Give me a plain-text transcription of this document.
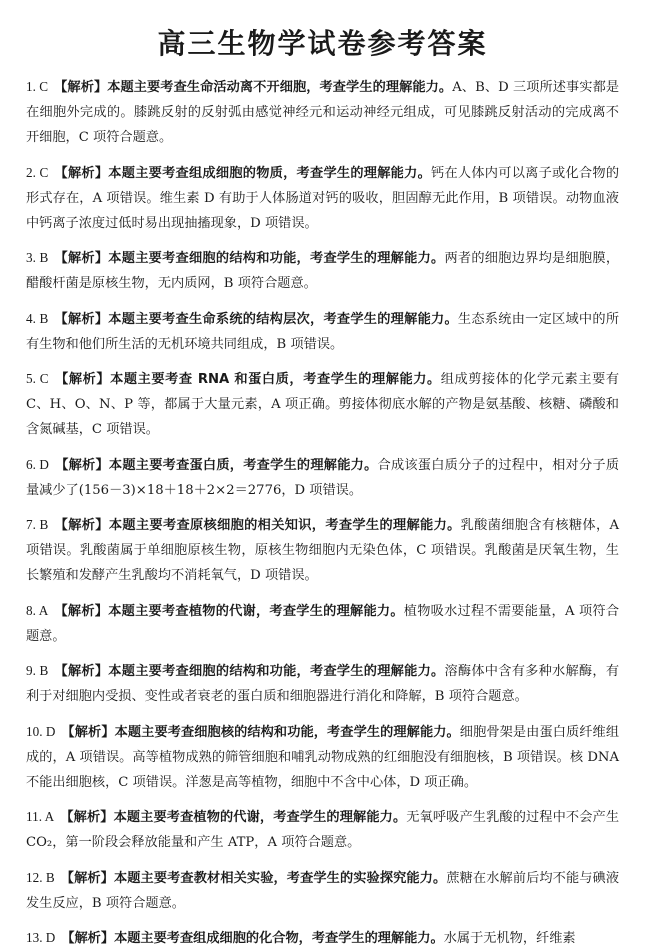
高三生物学试卷参考答案

1. C 【解析】本题主要考查生命活动离不开细胞，考查学生的理解能力。A、B、D 三项所述事实都是在细胞外完成的。膝跳反射的反射弧由感觉神经元和运动神经元组成，可见膝跳反射活动的完成离不开细胞，C 项符合题意。

2. C 【解析】本题主要考查组成细胞的物质，考查学生的理解能力。钙在人体内可以离子或化合物的形式存在，A 项错误。维生素 D 有助于人体肠道对钙的吸收，胆固醇无此作用，B 项错误。动物血液中钙离子浓度过低时易出现抽搐现象，D 项错误。

3. B 【解析】本题主要考查细胞的结构和功能，考查学生的理解能力。两者的细胞边界均是细胞膜，醋酸杆菌是原核生物，无内质网，B 项符合题意。

4. B 【解析】本题主要考查生命系统的结构层次，考查学生的理解能力。生态系统由一定区域中的所有生物和他们所生活的无机环境共同组成，B 项错误。

5. C 【解析】本题主要考查 RNA 和蛋白质，考查学生的理解能力。组成剪接体的化学元素主要有 C、H、O、N、P 等，都属于大量元素，A 项正确。剪接体彻底水解的产物是氨基酸、核糖、磷酸和含氮碱基，C 项错误。

6. D 【解析】本题主要考查蛋白质，考查学生的理解能力。合成该蛋白质分子的过程中，相对分子质量减少了(156－3)×18＋18＋2×2＝2776，D 项错误。

7. B 【解析】本题主要考查原核细胞的相关知识，考查学生的理解能力。乳酸菌细胞含有核糖体，A 项错误。乳酸菌属于单细胞原核生物，原核生物细胞内无染色体，C 项错误。乳酸菌是厌氧生物，生长繁殖和发酵产生乳酸均不消耗氧气，D 项错误。

8. A 【解析】本题主要考查植物的代谢，考查学生的理解能力。植物吸水过程不需要能量，A 项符合题意。

9. B 【解析】本题主要考查细胞的结构和功能，考查学生的理解能力。溶酶体中含有多种水解酶，有利于对细胞内受损、变性或者衰老的蛋白质和细胞器进行消化和降解，B 项符合题意。

10. D 【解析】本题主要考查细胞核的结构和功能，考查学生的理解能力。细胞骨架是由蛋白质纤维组成的，A 项错误。高等植物成熟的筛管细胞和哺乳动物成熟的红细胞没有细胞核，B 项错误。核 DNA 不能出细胞核，C 项错误。洋葱是高等植物，细胞中不含中心体，D 项正确。

11. A 【解析】本题主要考查植物的代谢，考查学生的理解能力。无氧呼吸产生乳酸的过程中不会产生 CO₂，第一阶段会释放能量和产生 ATP，A 项符合题意。

12. B 【解析】本题主要考查教材相关实验，考查学生的实验探究能力。蔗糖在水解前后均不能与碘液发生反应，B 项符合题意。

13. D 【解析】本题主要考查组成细胞的化合物，考查学生的理解能力。水属于无机物，纤维素
